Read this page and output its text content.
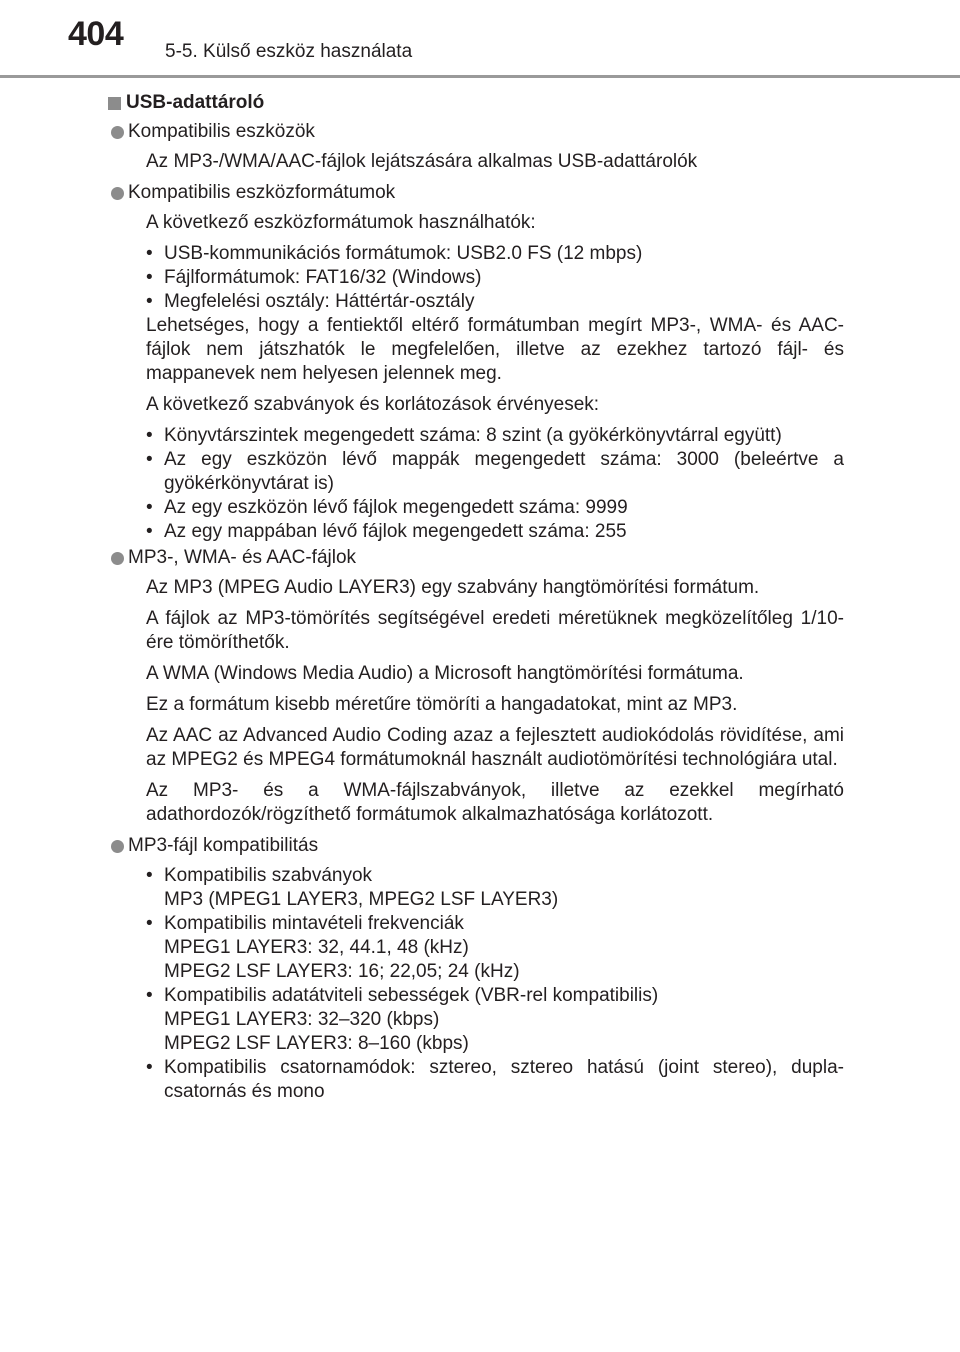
404 5-5. Külső eszköz használata
USB-adattároló
Kompatibilis eszközök

Az MP3-/WMA/AAC-fájlok lejátszására alkalmas USB-adattárolók

Kompatibilis eszközformátumok

A következő eszközformátumok használhatók:

• USB-kommunikációs formátumok: USB2.0 FS (12 mbps)
• Fájlformátumok: FAT16/32 (Windows)
• Megfelelési osztály: Háttértár-osztály

Lehetséges, hogy a fentiektől eltérő formátumban megírt MP3-, WMA- és AAC-fájlok nem játszhatók le megfelelően, illetve az ezekhez tartozó fájl- és mappanevek nem helyesen jelennek meg.

A következő szabványok és korlátozások érvényesek:

• Könyvtárszintek megengedett száma: 8 szint (a gyökérkönyvtárral együtt)
• Az egy eszközön lévő mappák megengedett száma: 3000 (beleértve a gyökérkönyvtárat is)
• Az egy eszközön lévő fájlok megengedett száma: 9999
• Az egy mappában lévő fájlok megengedett száma: 255
MP3-, WMA- és AAC-fájlok

Az MP3 (MPEG Audio LAYER3) egy szabvány hangtömörítési formátum.

A fájlok az MP3-tömörítés segítségével eredeti méretüknek megközelítőleg 1/10-ére tömöríthetők.

A WMA (Windows Media Audio) a Microsoft hangtömörítési formátuma.

Ez a formátum kisebb méretűre tömöríti a hangadatokat, mint az MP3.

Az AAC az Advanced Audio Coding azaz a fejlesztett audiokódolás rövidítése, ami az MPEG2 és MPEG4 formátumoknál használt audiotömörítési technológiára utal.

Az MP3- és a WMA-fájlszabványok, illetve az ezekkel megírható adathordozók/rögzíthető formátumok alkalmazhatósága korlátozott.

MP3-fájl kompatibilitás
• Kompatibilis szabványok
MP3 (MPEG1 LAYER3, MPEG2 LSF LAYER3)
• Kompatibilis mintavételi frekvenciák
MPEG1 LAYER3: 32, 44.1, 48 (kHz)
MPEG2 LSF LAYER3: 16; 22,05; 24 (kHz)
• Kompatibilis adatátviteli sebességek (VBR-rel kompatibilis)
MPEG1 LAYER3: 32–320 (kbps)
MPEG2 LSF LAYER3: 8–160 (kbps)
• Kompatibilis csatornamódok: sztereo, sztereo hatású (joint stereo), dupla-csatornás és mono
